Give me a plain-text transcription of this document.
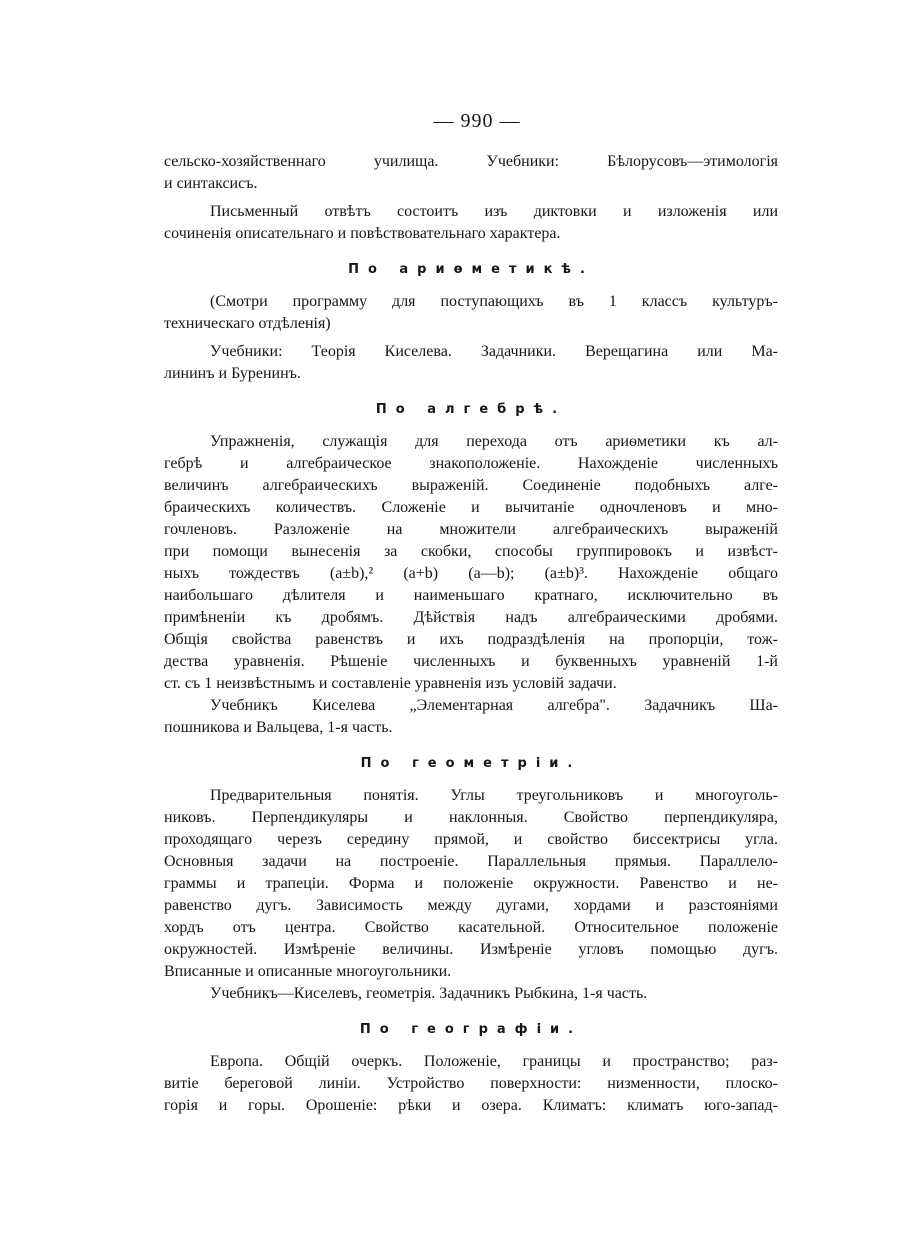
— 990 —

сельско-хозяйственнаго училища. Учебники: Бѣлорусовъ—этимологія
и синтаксисъ.

Письменный отвѣтъ состоитъ изъ диктовки и изложенія или
сочиненія описательнаго и повѣствовательнаго характера.

По ариѳметикѣ.

(Смотри программу для поступающихъ въ 1 классъ культуръ-
техническаго отдѣленія)

Учебники: Теорія Киселева. Задачники. Верещагина или Ма-
лининъ и Буренинъ.

По алгебрѣ.

Упражненія, служащія для перехода отъ ариѳметики къ ал-
гебрѣ и алгебраическое знакоположеніе. Нахожденіе численныхъ
величинъ алгебраическихъ выраженій. Соединеніе подобныхъ алге-
браическихъ количествъ. Сложеніе и вычитаніе одночленовъ и мно-
гочленовъ. Разложеніе на множители алгебраическихъ выраженій
при помощи вынесенія за скобки, способы группировокъ и извѣст-
ныхъ тождествъ (a±b),² (a+b) (a—b); (a±b)³. Нахожденіе общаго
наибольшаго дѣлителя и наименьшаго кратнаго, исключительно въ
примѣненіи къ дробямъ. Дѣйствія надъ алгебраическими дробями.
Общія свойства равенствъ и ихъ подраздѣленія на пропорціи, тож-
дества уравненія. Рѣшеніе численныхъ и буквенныхъ уравненій 1-й
ст. съ 1 неизвѣстнымъ и составленіе уравненія изъ условій задачи.

Учебникъ Киселева „Элементарная алгебра". Задачникъ Ша-
пошникова и Вальцева, 1-я часть.

По геометріи.

Предварительныя понятія. Углы треугольниковъ и многоуголь-
никовъ. Перпендикуляры и наклонныя. Свойство перпендикуляра,
проходящаго черезъ середину прямой, и свойство биссектрисы угла.
Основныя задачи на построеніе. Параллельныя прямыя. Параллело-
граммы и трапеціи. Форма и положеніе окружности. Равенство и не-
равенство дугъ. Зависимость между дугами, хордами и разстояніями
хордъ отъ центра. Свойство касательной. Относительное положеніе
окружностей. Измѣреніе величины. Измѣреніе угловъ помощью дугъ.
Вписанные и описанные многоугольники.

Учебникъ—Киселевъ, геометрія. Задачникъ Рыбкина, 1-я часть.

По географіи.

Европа. Общій очеркъ. Положеніе, границы и пространство; раз-
витіе береговой линіи. Устройство поверхности: низменности, плоско-
горія и горы. Орошеніе: рѣки и озера. Климатъ: климатъ юго-запад-
